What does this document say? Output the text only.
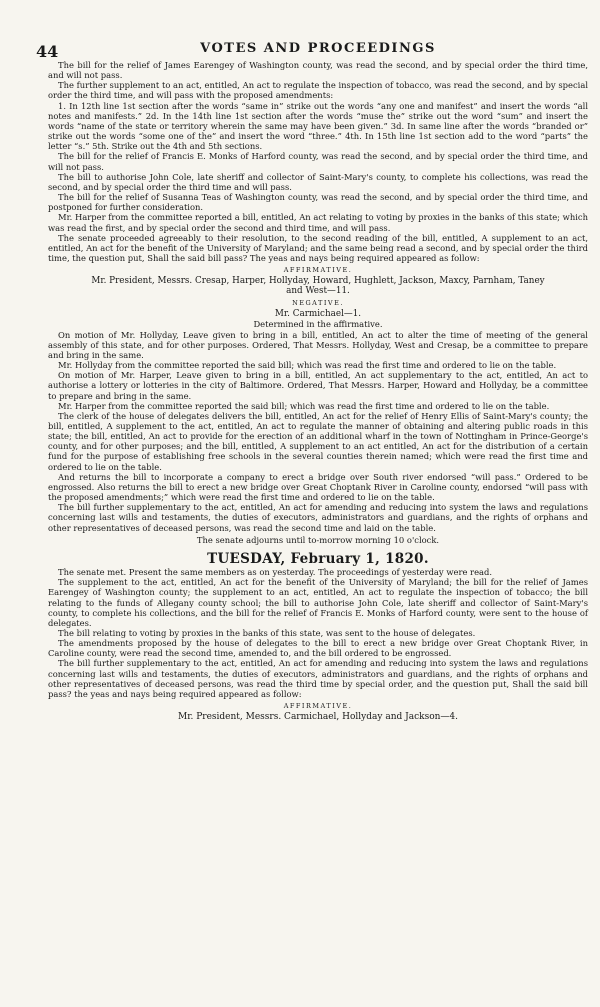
44	VOTES AND PROCEEDINGS

The bill for the relief of James Earengey of Washington county, was read the second, and by special order the third time, and will not pass.

The further supplement to an act, entitled, An act to regulate the inspection of tobacco, was read the second, and by special order the third time, and will pass with the proposed amendments:

1. In 12th line 1st section after the words “same in” strike out the words “any one and manifest” and insert the words “all notes and manifests.” 2d. In the 14th line 1st section after the words “muse the” strike out the word “sum” and insert the words “name of the state or territory wherein the same may have been given.” 3d. In same line after the words “branded or” strike out the words “some one of the” and insert the word “three.” 4th. In 15th line 1st section add to the word “parts” the letter “s.” 5th. Strike out the 4th and 5th sections.

The bill for the relief of Francis E. Monks of Harford county, was read the second, and by special order the third time, and will not pass.

The bill to authorise John Cole, late sheriff and collector of Saint-Mary's county, to complete his collections, was read the second, and by special order the third time and will pass.

The bill for the relief of Susanna Teas of Washington county, was read the second, and by special order the third time, and postponed for further consideration.

Mr. Harper from the committee reported a bill, entitled, An act relating to voting by proxies in the banks of this state; which was read the first, and by special order the second and third time, and will pass.

The senate proceeded agreeably to their resolution, to the second reading of the bill, entitled, A supplement to an act, entitled, An act for the benefit of the University of Maryland; and the same being read a second, and by special order the third time, the question put, Shall the said bill pass? The yeas and nays being required appeared as follow:

AFFIRMATIVE.
Mr. President, Messrs. Cresap, Harper, Hollyday, Howard, Hughlett, Jackson, Maxcy, Parnham, Taney and West—11.
NEGATIVE.
Mr. Carmichael—1.
Determined in the affirmative.

On motion of Mr. Hollyday, Leave given to bring in a bill, entitled, An act to alter the time of meeting of the general assembly of this state, and for other purposes. Ordered, That Messrs. Hollyday, West and Cresap, be a committee to prepare and bring in the same.

Mr. Hollyday from the committee reported the said bill; which was read the first time and ordered to lie on the table.

On motion of Mr. Harper, Leave given to bring in a bill, entitled, An act supplementary to the act, entitled, An act to authorise a lottery or lotteries in the city of Baltimore. Ordered, That Messrs. Harper, Howard and Hollyday, be a committee to prepare and bring in the same.

Mr. Harper from the committee reported the said bill; which was read the first time and ordered to lie on the table.

The clerk of the house of delegates delivers the bill, entitled, An act for the relief of Henry Ellis of Saint-Mary's county; the bill, entitled, A supplement to the act, entitled, An act to regulate the manner of obtaining and altering public roads in this state; the bill, entitled, An act to provide for the erection of an additional wharf in the town of Nottingham in Prince-George's county, and for other purposes; and the bill, entitled, A supplement to an act entitled, An act for the distribution of a certain fund for the purpose of establishing free schools in the several counties therein named; which were read the first time and ordered to lie on the table.

And returns the bill to incorporate a company to erect a bridge over South river endorsed “will pass.” Ordered to be engrossed. Also returns the bill to erect a new bridge over Great Choptank River in Caroline county, endorsed “will pass with the proposed amendments;” which were read the first time and ordered to lie on the table.

The bill further supplementary to the act, entitled, An act for amending and reducing into system the laws and regulations concerning last wills and testaments, the duties of executors, administrators and guardians, and the rights of orphans and other representatives of deceased persons, was read the second time and laid on the table.

The senate adjourns until to-morrow morning 10 o'clock.
TUESDAY, February 1, 1820.

The senate met. Present the same members as on yesterday. The proceedings of yesterday were read.

The supplement to the act, entitled, An act for the benefit of the University of Maryland; the bill for the relief of James Earengey of Washington county; the supplement to an act, entitled, An act to regulate the inspection of tobacco; the bill relating to the funds of Allegany county school; the bill to authorise John Cole, late sheriff and collector of Saint-Mary's county, to complete his collections, and the bill for the relief of Francis E. Monks of Harford county, were sent to the house of delegates.

The bill relating to voting by proxies in the banks of this state, was sent to the house of delegates.

The amendments proposed by the house of delegates to the bill to erect a new bridge over Great Choptank River, in Caroline county, were read the second time, amended to, and the bill ordered to be engrossed.

The bill further supplementary to the act, entitled, An act for amending and reducing into system the laws and regulations concerning last wills and testaments, the duties of executors, administrators and guardians, and the rights of orphans and other representatives of deceased persons, was read the third time by special order, and the question put, Shall the said bill pass? the yeas and nays being required appeared as follow:

AFFIRMATIVE.
Mr. President, Messrs. Carmichael, Hollyday and Jackson—4.
